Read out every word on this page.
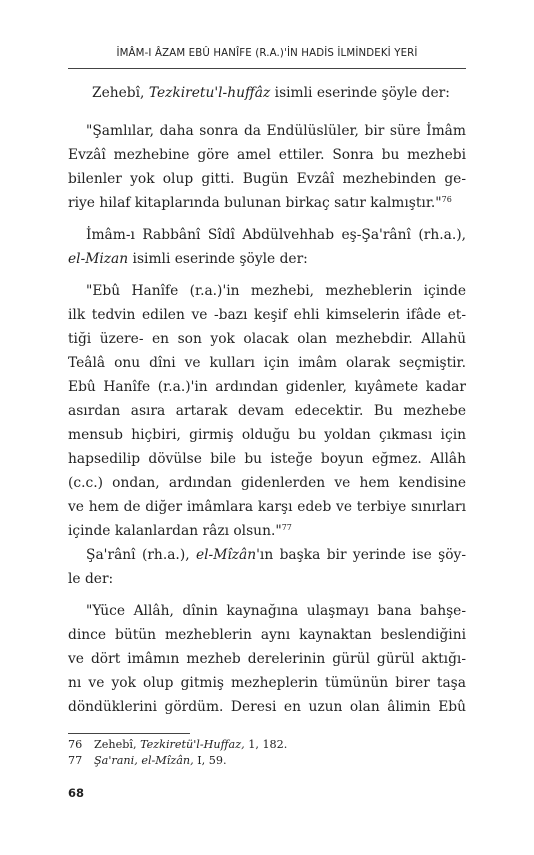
İMÂM-I ÂZAM EBÛ HANÎFE (R.A.)'İN HADİS İLMİNDEKİ YERİ
Zehebî, Tezkiretu'l-huffâz isimli eserinde şöyle der:
"Şamlılar, daha sonra da Endülüslüler, bir süre İmâm
Evzâî mezhebine göre amel ettiler. Sonra bu mezhebi
bilenler yok olup gitti. Bugün Evzâî mezhebinden ge-
riye hilaf kitaplarında bulunan birkaç satır kalmıştır."$^{76}$
İmâm-ı Rabbânî Sîdî Abdülvehhab eş-Şa'rânî (rh.a.),
el-Mizan isimli eserinde şöyle der:
"Ebû Hanîfe (r.a.)'in mezhebi, mezheblerin içinde
ilk tedvin edilen ve -bazı keşif ehli kimselerin ifâde et-
tiği üzere- en son yok olacak olan mezhebdir. Allahü
Teâlâ onu dîni ve kulları için imâm olarak seçmiştir.
Ebû Hanîfe (r.a.)'in ardından gidenler, kıyâmete kadar
asırdan asıra artarak devam edecektir. Bu mezhebe
mensub hiçbiri, girmiş olduğu bu yoldan çıkması için
hapsedilip dövülse bile bu isteğe boyun eğmez. Allâh
(c.c.) ondan, ardından gidenlerden ve hem kendisine
ve hem de diğer imâmlara karşı edeb ve terbiye sınırları
içinde kalanlardan râzı olsun."$^{77}$
Şa'rânî (rh.a.), el-Mîzân'ın başka bir yerinde ise şöy-
le der:
"Yüce Allâh, dînin kaynağına ulaşmayı bana bahşe-
dince bütün mezheblerin aynı kaynaktan beslendiğini
ve dört imâmın mezheb derelerinin gürül gürül aktığı-
nı ve yok olup gitmiş mezheplerin tümünün birer taşa
döndüklerini gördüm. Deresi en uzun olan âlimin Ebû
76 Zehebî, Tezkiretü'l-Huffaz, 1, 182.
77 Şa'rani, el-Mîzân, I, 59.
68
